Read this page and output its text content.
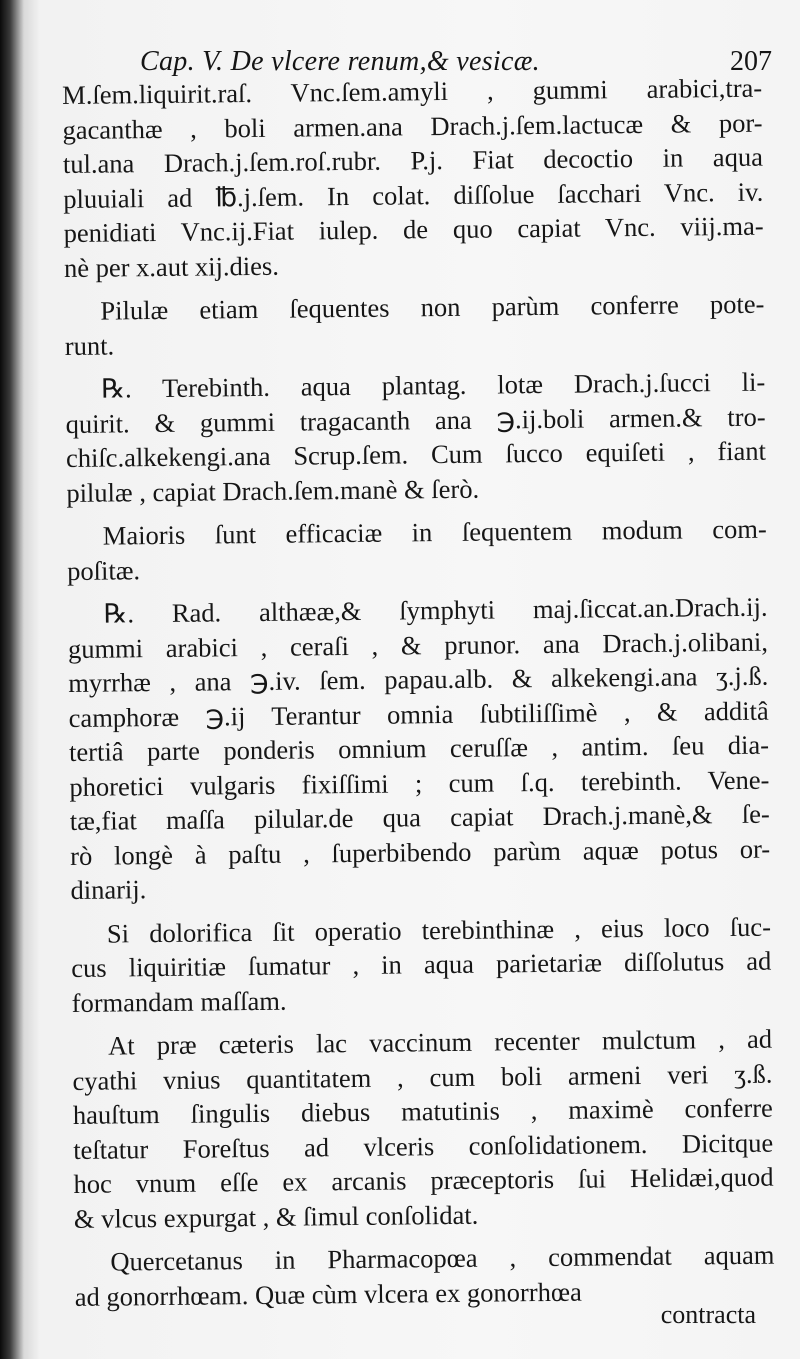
Cap. V. De vlcere renum,& vesicæ.	207
M.ſem.liquirit.raſ. Vnc.ſem.amyli , gummi arabici,tra-
gacanthæ , boli armen.ana Drach.j.ſem.lactucæ & por-
tul.ana Drach.j.ſem.roſ.rubr. P.j. Fiat decoctio in aqua
pluuiali ad ℔.j.ſem. In colat. diſſolue ſacchari Vnc. iv.
penidiati Vnc.ij.Fiat iulep. de quo capiat Vnc. viij.ma-
nè per x.aut xij.dies.
Pilulæ etiam ſequentes non parùm conferre pote-
runt.
℞. Terebinth. aqua plantag. lotæ Drach.j.ſucci li-
quirit. & gummi tragacanth ana ℈.ij.boli armen.& tro-
chiſc.alkekengi.ana Scrup.ſem. Cum ſucco equiſeti , fiant
pilulæ , capiat Drach.ſem.manè & ſerò.
Maioris ſunt efficaciæ in ſequentem modum com-
poſitæ.
℞. Rad. althææ,& ſymphyti maj.ſiccat.an.Drach.ij.
gummi arabici , ceraſi , & prunor. ana Drach.j.olibani,
myrrhæ , ana ℈.iv. ſem. papau.alb. & alkekengi.ana ʒ.j.ß.
camphoræ ℈.ij Terantur omnia ſubtiliſſimè , & additâ
tertiâ parte ponderis omnium ceruſſæ , antim. ſeu dia-
phoretici vulgaris fixiſſimi ; cum ſ.q. terebinth. Vene-
tæ,fiat maſſa pilular.de qua capiat Drach.j.manè,& ſe-
rò longè à paſtu , ſuperbibendo parùm aquæ potus or-
dinarij.
Si dolorifica ſit operatio terebinthinæ , eius loco ſuc-
cus liquiritiæ ſumatur , in aqua parietariæ diſſolutus ad
formandam maſſam.
At præ cæteris lac vaccinum recenter mulctum , ad
cyathi vnius quantitatem , cum boli armeni veri ʒ.ß.
hauſtum ſingulis diebus matutinis , maximè conferre
teſtatur Foreſtus ad vlceris conſolidationem. Dicitque
hoc vnum eſſe ex arcanis præceptoris ſui Helidæi,quod
& vlcus expurgat , & ſimul conſolidat.
Quercetanus in Pharmacopœa , commendat aquam
ad gonorrhœam. Quæ cùm vlcera ex gonorrhœa
contracta
